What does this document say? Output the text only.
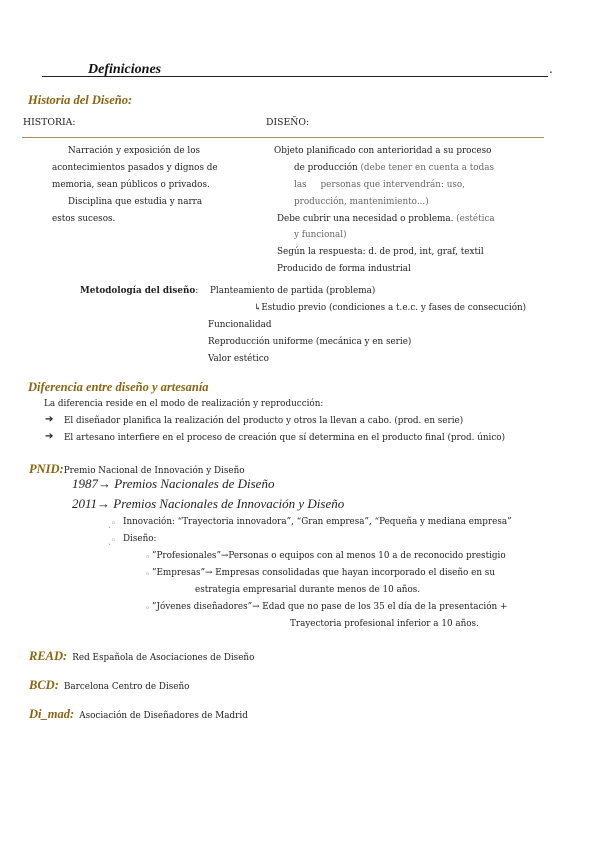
Definiciones	.
Historia del Diseño:
HISTORIA:	DISEÑO:
Narración y exposición de los
acontecimientos pasados y dignos de
memoria, sean públicos o privados.
Disciplina que estudia y narra
estos sucesos.
Objeto planificado con anterioridad a su proceso
de producción (debe tener en cuenta a todas
las     personas que intervendrán: uso,
producción, mantenimiento...)
Debe cubrir una necesidad o problema. (estética
y funcional)
Según la respuesta: d. de prod, int, graf, textil
Producido de forma industrial
Metodología del diseño: Planteamiento de partida (problema)
↳Estudio previo (condiciones a t.e.c. y fases de consecución)
Funcionalidad
Reproducción uniforme (mecánica y en serie)
Valor estético
Diferencia entre diseño y artesanía
La diferencia reside en el modo de realización y reproducción:
➔ El diseñador planifica la realización del producto y otros la llevan a cabo. (prod. en serie)
➔ El artesano interfiere en el proceso de creación que sí determina en el producto final (prod. único)
PNID:Premio Nacional de Innovación y Diseño
1987→ Premios Nacionales de Diseño
2011→ Premios Nacionales de Innovación y Diseño
ˎ◦ Innovación: “Trayectoria innovadora”, “Gran empresa”, “Pequeña y mediana empresa”
ˎ◦ Diseño:
◦ ”Profesionales”→Personas o equipos con al menos 10 a de reconocido prestigio
◦ ”Empresas”→ Empresas consolidadas que hayan incorporado el diseño en su
estrategia empresarial durante menos de 10 años.
◦ ”Jóvenes diseñadores”→ Edad que no pase de los 35 el día de la presentación +
Trayectoria profesional inferior a 10 años.
READ: Red Española de Asociaciones de Diseño
BCD: Barcelona Centro de Diseño
Di_mad: Asociación de Diseñadores de Madrid
